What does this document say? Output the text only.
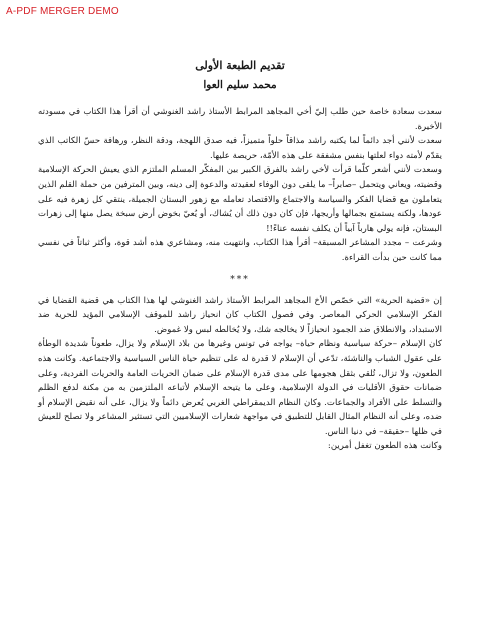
A-PDF MERGER DEMO
تقديم الطبعة الأولى
محمد سليم العوا

سعدت سعادة خاصة حين طلب إليّ أخي المجاهد المرابط الأستاذ راشد الغنوشي أن أقرأ هذا الكتاب في مسودته الأخيرة.

سعدت لأنني أجد دائماً لما يكتبه راشد مذاقاً حلواً متميزاً، فيه صدق اللهجة، ودقة النظر، ورهافة حسّ الكاتب الذي يقدّم لأمته دواء لعلتها بنفس مشفقة على هذه الأمّة، حريصة عليها.

وسعدت لأنني أشعر كلّما قرأت لأخي راشد بالفرق الكبير بين المفكّر المسلم الملتزم الذي يعيش الحركة الإسلامية وقضيته، ويعاني ويتحمل –صابراً– ما يلقى دون الوفاء لعقيدته والدعوة إلى دينه، وبين المترفين من حملة القلم الذين يتعاملون مع قضايا الفكر والسياسة والاجتماع والاقتصاد تعامله مع زهور البستان الجميلة، ينتقي كل زهرة فيه على عودها، ولكنه يستمتع بجمالها وأريجها، فإن كان دون ذلك أن يُشاك، أو يُعيّ بخوض أرض سبخة يصل منها إلى زهرات البستان، فإنه يولي هارباً آبياً أن يكلف نفسه عناءً!!

وشرعت – مجدد المشاعر المسبقة– أقرأ هذا الكتاب، وانتهيت منه، ومشاعري هذه أشد قوة، وأكثر ثباتاً في نفسي مما كانت حين بدأت القراءة.

***

إن «قضية الحرية» التي خصّص الأخ المجاهد المرابط الأستاذ راشد الغنوشي لها هذا الكتاب هي قضية القضايا في الفكر الإسلامي الحركي المعاصر. وفي فصول الكتاب كان انحياز راشد للموقف الإسلامي المؤيد للحرية ضد الاستبداد، والانطلاق ضد الجمود انحيازاً لا يخالجه شك، ولا يُخالطه لبس ولا غموض.

كان الإسلام –حركة سياسية ونظام حياة– يواجه في تونس وغيرها من بلاد الإسلام ولا يزال، طعوناً شديدة الوطأة على عقول الشباب والناشئة، تدّعي أن الإسلام لا قدرة له على تنظيم حياة الناس السياسية والاجتماعية. وكانت هذه الطعون، ولا تزال، تُلقي بثقل هجومها على مدى قدرة الإسلام على ضمان الحريات العامة والحريات الفردية، وعلى ضمانات حقوق الأقليات في الدولة الإسلامية، وعلى ما يتيحه الإسلام لأتباعه الملتزمين به من مكنة لدفع الظلم والتسلط على الأفراد والجماعات. وكان النظام الديمقراطي الغربي يُعرض دائماً ولا يزال، على أنه نقيض الإسلام أو ضده، وعلى أنه النظام المثال القابل للتطبيق في مواجهة شعارات الإسلاميين التي تستثير المشاعر ولا تصلح للعيش في ظلها –حقيقة– في دنيا الناس.

وكانت هذه الطعون تغفل أمرين:
